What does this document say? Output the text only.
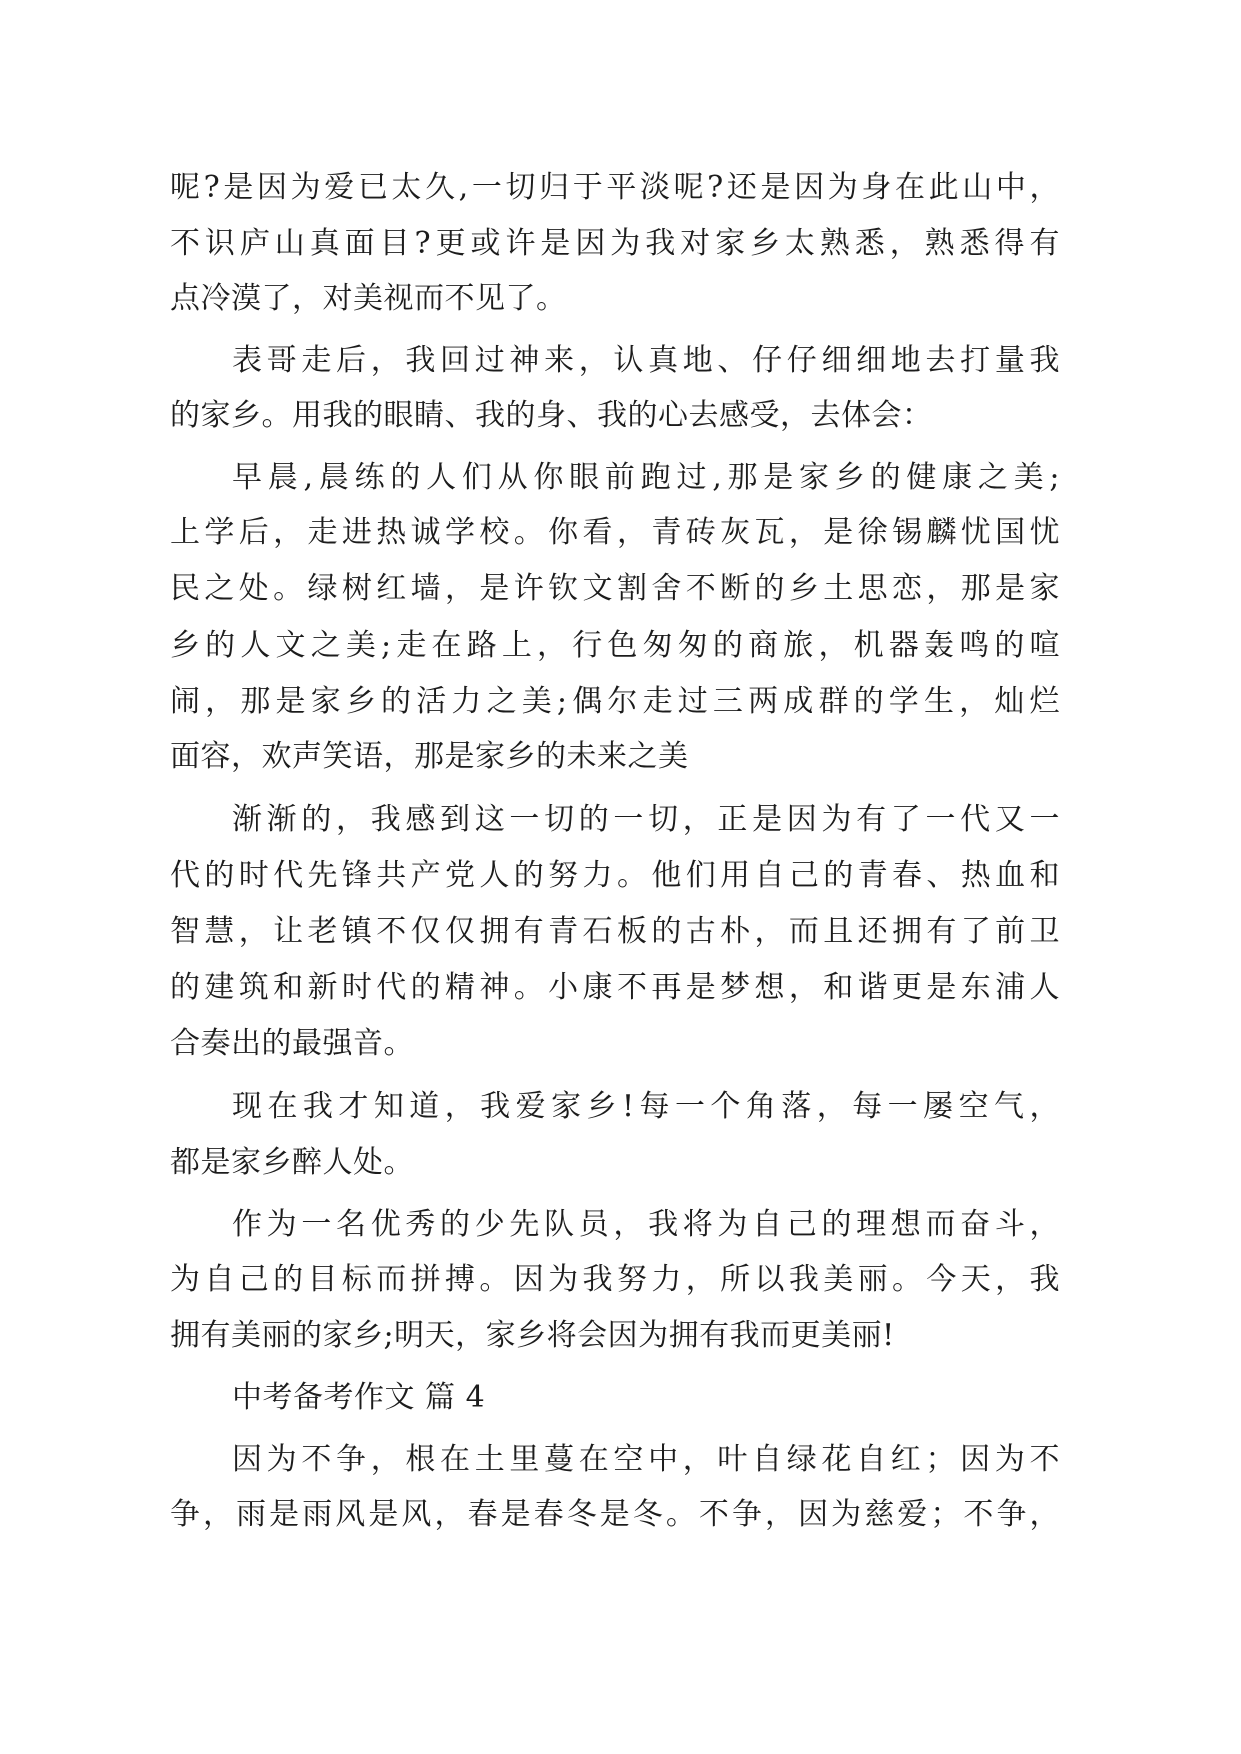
呢?是因为爱已太久,一切归于平淡呢?还是因为身在此山中，
不识庐山真面目?更或许是因为我对家乡太熟悉，熟悉得有
点冷漠了，对美视而不见了。
表哥走后，我回过神来，认真地、仔仔细细地去打量我
的家乡。用我的眼睛、我的身、我的心去感受，去体会：
早晨,晨练的人们从你眼前跑过,那是家乡的健康之美;
上学后，走进热诚学校。你看，青砖灰瓦，是徐锡麟忧国忧
民之处。绿树红墙，是许钦文割舍不断的乡土思恋，那是家
乡的人文之美;走在路上，行色匆匆的商旅，机器轰鸣的喧
闹，那是家乡的活力之美;偶尔走过三两成群的学生，灿烂
面容，欢声笑语，那是家乡的未来之美
渐渐的，我感到这一切的一切，正是因为有了一代又一
代的时代先锋共产党人的努力。他们用自己的青春、热血和
智慧，让老镇不仅仅拥有青石板的古朴，而且还拥有了前卫
的建筑和新时代的精神。小康不再是梦想，和谐更是东浦人
合奏出的最强音。
现在我才知道，我爱家乡!每一个角落，每一屡空气，
都是家乡醉人处。
作为一名优秀的少先队员，我将为自己的理想而奋斗，
为自己的目标而拼搏。因为我努力，所以我美丽。今天，我
拥有美丽的家乡;明天，家乡将会因为拥有我而更美丽!
中考备考作文 篇 4
因为不争，根在土里蔓在空中，叶自绿花自红；因为不
争，雨是雨风是风，春是春冬是冬。不争，因为慈爱；不争，
